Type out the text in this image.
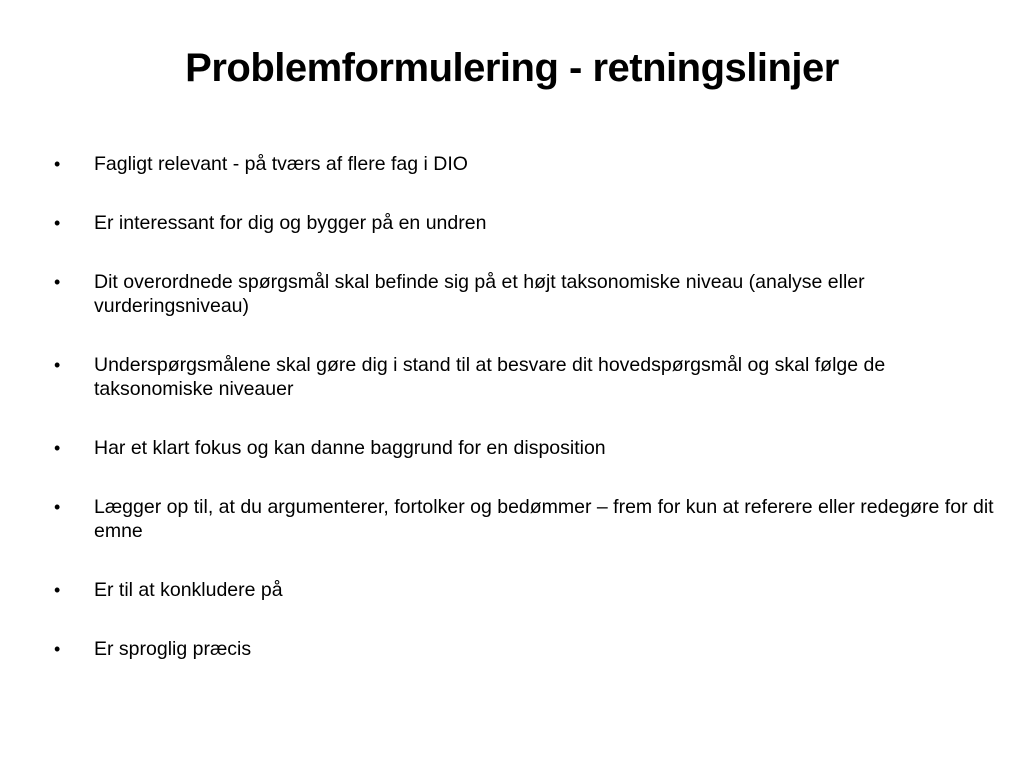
Problemformulering - retningslinjer
•	Fagligt relevant - på tværs af flere fag i DIO
•	Er interessant for dig og bygger på en undren
•	Dit overordnede spørgsmål skal befinde sig på et højt taksonomiske niveau (analyse eller vurderingsniveau)
•	Underspørgsmålene skal gøre dig i stand til at besvare dit hovedspørgsmål og skal følge de taksonomiske niveauer
•	Har et klart fokus og kan danne baggrund for en disposition
•	Lægger op til, at du argumenterer, fortolker og bedømmer – frem for kun at referere eller redegøre for dit emne
•	Er til at konkludere på
•	Er sproglig præcis
